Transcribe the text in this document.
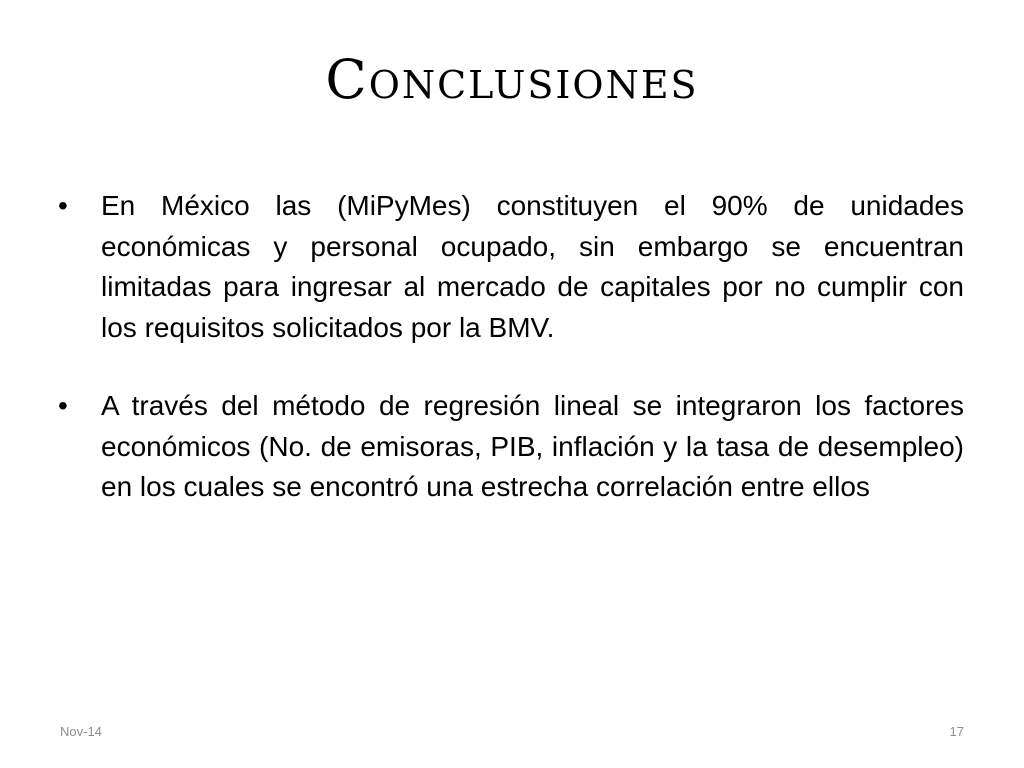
Conclusiones
•	En México las (MiPyMes) constituyen el 90% de unidades económicas y personal ocupado, sin embargo se encuentran limitadas para ingresar al mercado de capitales por no cumplir con los requisitos solicitados por la BMV.
•	A través del método de regresión lineal se integraron los factores económicos (No. de emisoras, PIB, inflación y la tasa de desempleo) en los cuales se encontró una estrecha correlación entre ellos
Nov-14	17
